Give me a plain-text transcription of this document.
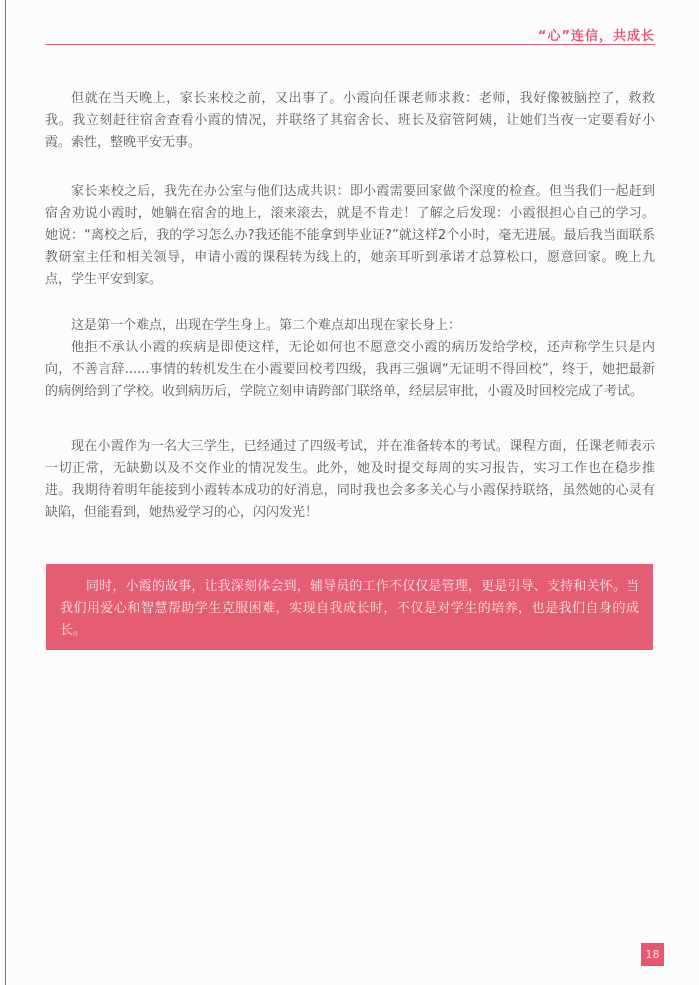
“心”连信，共成长

但就在当天晚上，家长来校之前，又出事了。小霞向任课老师求救：老师，我好像被脑控了，救救我。我立刻赶往宿舍查看小霞的情况，并联络了其宿舍长、班长及宿管阿姨，让她们当夜一定要看好小霞。索性，整晚平安无事。

家长来校之后，我先在办公室与他们达成共识：即小霞需要回家做个深度的检查。但当我们一起赶到宿舍劝说小霞时，她躺在宿舍的地上，滚来滚去，就是不肯走！了解之后发现：小霞很担心自己的学习。她说：“离校之后，我的学习怎么办?我还能不能拿到毕业证?”就这样2个小时，毫无进展。最后我当面联系教研室主任和相关领导，申请小霞的课程转为线上的，她亲耳听到承诺才总算松口，愿意回家。晚上九点，学生平安到家。

这是第一个难点，出现在学生身上。第二个难点却出现在家长身上：

他拒不承认小霞的疾病是即使这样，无论如何也不愿意交小霞的病历发给学校，还声称学生只是内向，不善言辞......事情的转机发生在小霞要回校考四级，我再三强调“无证明不得回校”，终于，她把最新的病例给到了学校。收到病历后，学院立刻申请跨部门联络单，经层层审批，小霞及时回校完成了考试。

现在小霞作为一名大三学生，已经通过了四级考试，并在准备转本的考试。课程方面，任课老师表示一切正常，无缺勤以及不交作业的情况发生。此外，她及时提交每周的实习报告，实习工作也在稳步推进。我期待着明年能接到小霞转本成功的好消息，同时我也会多多关心与小霞保持联络，虽然她的心灵有缺陷，但能看到，她热爱学习的心，闪闪发光！

同时，小霞的故事，让我深刻体会到，辅导员的工作不仅仅是管理，更是引导、支持和关怀。当我们用爱心和智慧帮助学生克服困难，实现自我成长时，不仅是对学生的培养，也是我们自身的成长。
18
